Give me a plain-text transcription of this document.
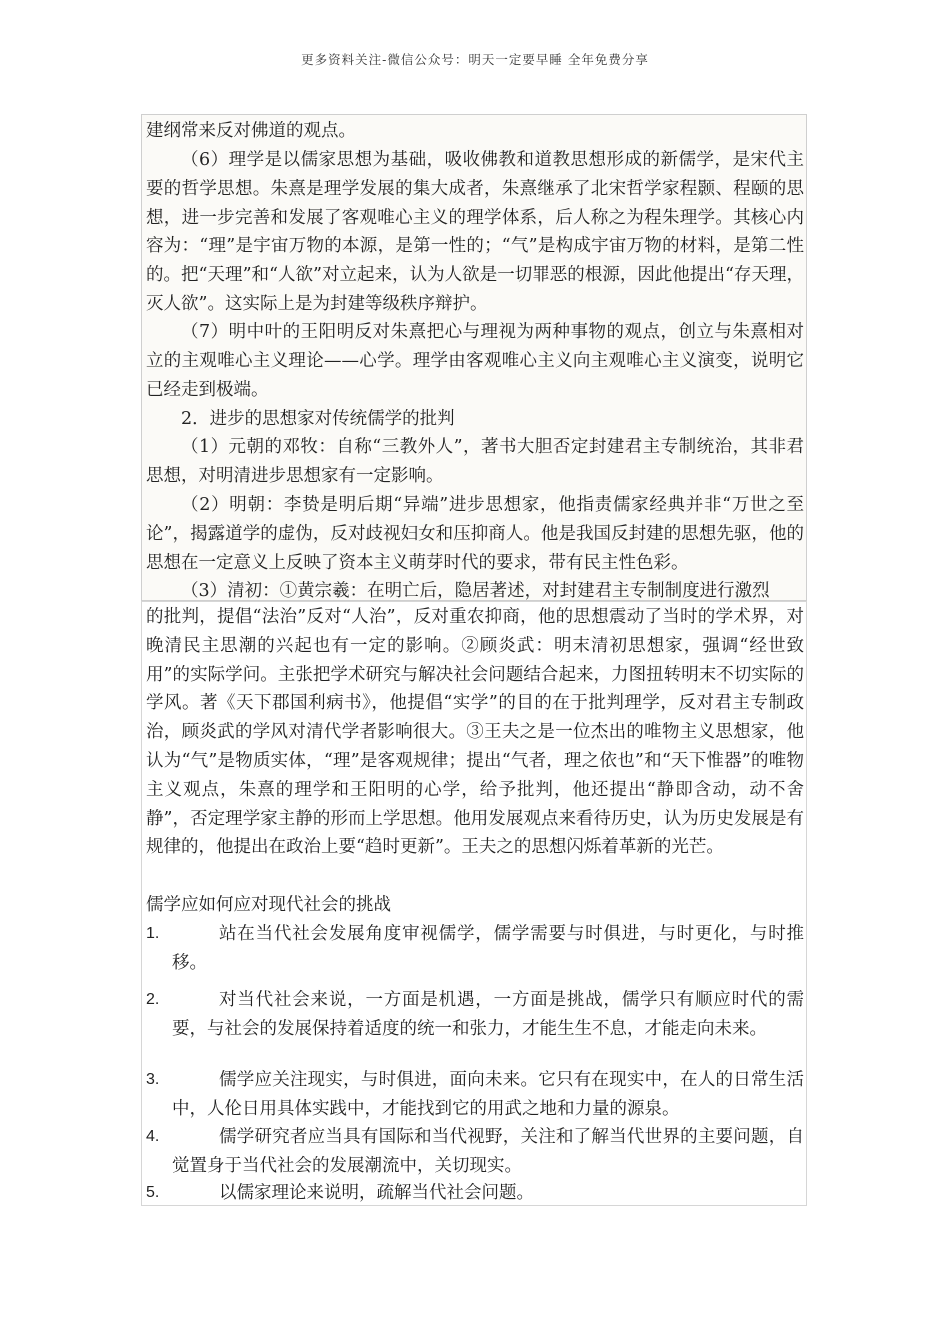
更多资料关注-微信公众号：明天一定要早睡 全年免费分享
建纲常来反对佛道的观点。
（6）理学是以儒家思想为基础，吸收佛教和道教思想形成的新儒学，是宋代主要的哲学思想。朱熹是理学发展的集大成者，朱熹继承了北宋哲学家程颢、程颐的思想，进一步完善和发展了客观唯心主义的理学体系，后人称之为程朱理学。其核心内容为：“理”是宇宙万物的本源，是第一性的；“气”是构成宇宙万物的材料，是第二性的。把“天理”和“人欲”对立起来，认为人欲是一切罪恶的根源，因此他提出“存天理，灭人欲”。这实际上是为封建等级秩序辩护。
（7）明中叶的王阳明反对朱熹把心与理视为两种事物的观点，创立与朱熹相对立的主观唯心主义理论——心学。理学由客观唯心主义向主观唯心主义演变，说明它已经走到极端。
2．进步的思想家对传统儒学的批判
（1）元朝的邓牧：自称“三教外人”，著书大胆否定封建君主专制统治，其非君思想，对明清进步思想家有一定影响。
（2）明朝：李贽是明后期“异端”进步思想家，他指责儒家经典并非“万世之至论”，揭露道学的虚伪，反对歧视妇女和压抑商人。他是我国反封建的思想先驱，他的思想在一定意义上反映了资本主义萌芽时代的要求，带有民主性色彩。
（3）清初：①黄宗羲：在明亡后，隐居著述，对封建君主专制制度进行激烈
的批判，提倡“法治”反对“人治”，反对重农抑商，他的思想震动了当时的学术界，对晚清民主思潮的兴起也有一定的影响。②顾炎武：明末清初思想家，强调“经世致用”的实际学问。主张把学术研究与解决社会问题结合起来，力图扭转明末不切实际的学风。著《天下郡国利病书》，他提倡“实学”的目的在于批判理学，反对君主专制政治，顾炎武的学风对清代学者影响很大。③王夫之是一位杰出的唯物主义思想家，他认为“气”是物质实体，“理”是客观规律；提出“气者，理之依也”和“天下惟器”的唯物主义观点，朱熹的理学和王阳明的心学，给予批判，他还提出“静即含动，动不舍静”，否定理学家主静的形而上学思想。他用发展观点来看待历史，认为历史发展是有规律的，他提出在政治上要“趋时更新”。王夫之的思想闪烁着革新的光芒。
儒学应如何应对现代社会的挑战
1.	站在当代社会发展角度审视儒学，儒学需要与时俱进，与时更化，与时推移。
2.	对当代社会来说，一方面是机遇，一方面是挑战，儒学只有顺应时代的需要，与社会的发展保持着适度的统一和张力，才能生生不息，才能走向未来。
3.	儒学应关注现实，与时俱进，面向未来。它只有在现实中，在人的日常生活中，人伦日用具体实践中，才能找到它的用武之地和力量的源泉。
4.	儒学研究者应当具有国际和当代视野，关注和了解当代世界的主要问题，自觉置身于当代社会的发展潮流中，关切现实。
5.	以儒家理论来说明，疏解当代社会问题。
